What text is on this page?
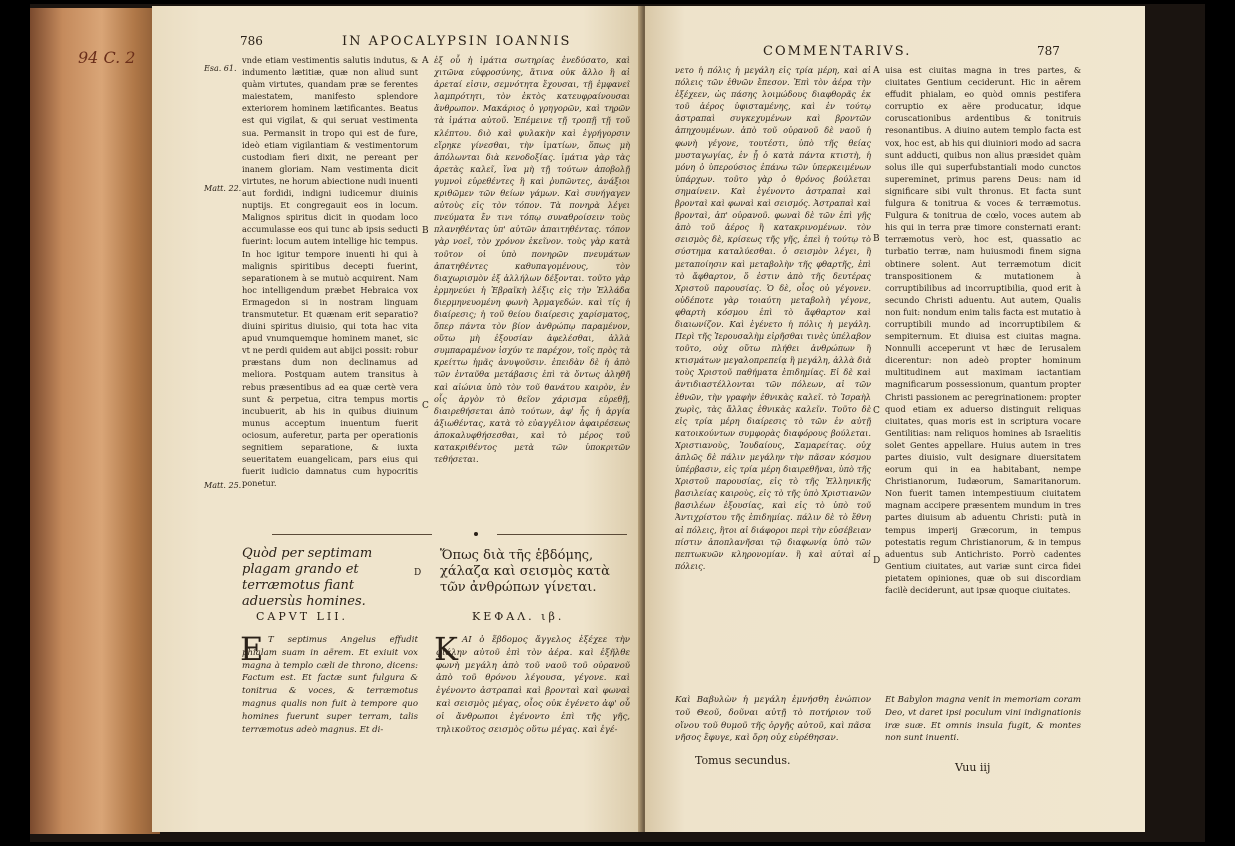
94 C. 2
786	IN APOCALYPSIN IOANNIS
Esa. 61.
Matt. 22.
Matt. 25.
vnde etiam vestimentis salutis indutus, & indumento lætitiæ, quæ non aliud sunt quàm virtutes, quandam præ se ferentes maiestatem, manifesto splendore exteriorem hominem lætificantes. Beatus est qui vigilat, & qui seruat vestimenta sua. Permansit in tropo qui est de fure, ideò etiam vigilantiam & vestimentorum custodiam fieri dixit, ne pereant per inanem gloriam. Nam vestimenta dicit virtutes, ne horum abiectione nudi inuenti aut fordidi, indigni iudicemur diuinis nuptijs. Et congregauit eos in locum. Malignos spiritus dicit in quodam loco accumulasse eos qui tunc ab ipsis seducti fuerint: locum autem intellige hic tempus. In hoc igitur tempore inuenti hi qui à malignis spiritibus decepti fuerint, separationem à se mutuò acquirent. Nam hoc intelligendum præbet Hebraica vox Ermagedon si in nostram linguam transmutetur. Et quænam erit separatio? diuini spiritus diuisio, qui tota hac vita apud vnumquemque hominem manet, sic vt ne perdi quidem aut abijci possit: robur præstans dum non declinamus ad meliora. Postquam autem transitus à rebus præsentibus ad ea quæ certè vera sunt & perpetua, citra tempus mortis incubuerit, ab his in quibus diuinum munus acceptum inuentum fuerit ociosum, auferetur, parta per operationis segnitiem separatione, & iuxta seueritatem euangelicam, pars eius qui fuerit iudicio damnatus cum hypocritis ponetur.
ἐξ οὗ ἡ ἱμάτια σωτηρίας ἐνεδύσατο, καὶ χιτῶνα εὐφροσύνης, ἅτινα οὐκ ἄλλο ἢ αἱ ἀρεταί εἰσιν, σεμνότητα ἔχουσαι, τῇ ἐμφανεῖ λαμπρότητι, τὸν ἐκτὸς κατευφραίνουσαι ἄνθρωπον. Μακάριος ὁ γρηγορῶν, καὶ τηρῶν τὰ ἱμάτια αὐτοῦ. Ἐπέμεινε τῇ τροπῇ τῇ τοῦ κλέπτου. διὸ καὶ φυλακὴν καὶ ἐγρήγορσιν εἴρηκε γίνεσθαι, τὴν ἱματίων, ὅπως μὴ ἀπόλωνται διὰ κενοδοξίας. ἱμάτια γὰρ τὰς ἀρετὰς καλεῖ, ἵνα μὴ τῇ τούτων ἀποβολῇ γυμνοὶ εὑρεθέντες ἢ καὶ ῥυπῶντες, ἀνάξιοι κριθῶμεν τῶν θείων γάμων. Καὶ συνήγαγεν αὐτοὺς εἰς τὸν τόπον. Τὰ πονηρὰ λέγει πνεύματα ἔν τινι τόπῳ συναθροίσειν τοὺς πλανηθέντας ὑπ' αὐτῶν ἀπαιτηθέντας. τόπον γὰρ νοεῖ, τὸν χρόνον ἐκεῖνον. τοὺς γὰρ κατὰ τοῦτον οἱ ὑπὸ πονηρῶν πνευμάτων ἀπατηθέντες καθυπαγομένους, τὸν διαχωρισμὸν ἐξ ἀλλήλων δέξονται. τοῦτο γὰρ ἑρμηνεύει ἡ Ἑβραϊκὴ λέξις εἰς τὴν Ἑλλάδα διερμηνευομένη φωνὴ Ἀρμαγεδών. καὶ τίς ἡ διαίρεσις; ἡ τοῦ θείου διαίρεσις χαρίσματος, ὅπερ πάντα τὸν βίον ἀνθρώπῳ παραμένον, οὕτω μὴ ἐξουσίαν ἀφελέσθαι, ἀλλὰ συμπαραμένον ἰσχύν τε παρέχον, τοῖς πρὸς τὰ κρείττω ἡμᾶς ἀνυψοῦσιν. ἐπειδὰν δὲ ἡ ἀπὸ τῶν ἐνταῦθα μετάβασις ἐπὶ τὰ ὄντως ἀληθῆ καὶ αἰώνια ὑπὸ τὸν τοῦ θανάτου καιρὸν, ἐν οἷς ἀργὸν τὸ θεῖον χάρισμα εὑρεθῇ, διαιρεθήσεται ἀπὸ τούτων, ἀφ' ἧς ἡ ἀργία ἀξιωθέντας, κατὰ τὸ εὐαγγέλιον ἀφαιρέσεως ἀποκαλυφθήσεσθαι, καὶ τὸ μέρος τοῦ κατακριθέντος μετὰ τῶν ὑποκριτῶν τεθήσεται.
A
B
C
D
Quòd per septimam plagam grando et terræmotus fiant aduersùs homines.
Ὅπως διὰ τῆς ἑβδόμης, χάλαζα καὶ σεισμὸς κατὰ τῶν ἀνθρώπων γίνεται.
CAPVT LII.	ΚΕΦΑΛ. ιβ.
E T septimus Angelus effudit phialam suam in aërem. Et exiuit vox magna à templo cæli de throno, dicens: Factum est. Et factæ sunt fulgura & tonitrua & voces, & terræmotus magnus qualis non fuit à tempore quo homines fuerunt super terram, talis terræmotus adeò magnus. Et di-
K ΑΙ ὁ ἕβδομος ἄγγελος ἐξέχεε τὴν φιάλην αὐτοῦ ἐπὶ τὸν ἀέρα. καὶ ἐξῆλθε φωνὴ μεγάλη ἀπὸ τοῦ ναοῦ τοῦ οὐρανοῦ ἀπὸ τοῦ θρόνου λέγουσα, γέγονε. καὶ ἐγένοντο ἀστραπαὶ καὶ βρονταὶ καὶ φωναὶ καὶ σεισμὸς μέγας, οἷος οὐκ ἐγένετο ἀφ' οὗ οἱ ἄνθρωποι ἐγένοντο ἐπὶ τῆς γῆς, τηλικοῦτος σεισμὸς οὕτω μέγας. καὶ ἐγέ-
COMMENTARIVS.	787
νετο ἡ πόλις ἡ μεγάλη εἰς τρία μέρη, καὶ αἱ πόλεις τῶν ἐθνῶν ἔπεσον. Ἐπὶ τὸν ἀέρα τὴν ἐξέχεεν, ὡς πάσης λοιμώδους διαφθορᾶς ἐκ τοῦ ἀέρος ὑφισταμένης, καὶ ἐν τούτῳ ἀστραπαὶ συγκεχυμένων καὶ βροντῶν ἀπηχουμένων. ἀπὸ τοῦ οὐρανοῦ δὲ ναοῦ ἡ φωνὴ γέγονε, τουτέστι, ὑπὸ τῆς θείας μυσταγωγίας, ἐν ᾗ ὁ κατὰ πάντα κτιστὴ, ἡ μόνη ὁ ὑπερούσιος ἐπάνω τῶν ὑπερκειμένων ὑπάρχων. τοῦτο γὰρ ὁ θρόνος βούλεται σημαίνειν. Καὶ ἐγένοντο ἀστραπαὶ καὶ βρονταὶ καὶ φωναὶ καὶ σεισμός. Ἀστραπαὶ καὶ βρονταὶ, ἀπ' οὐρανοῦ. φωναὶ δὲ τῶν ἐπὶ γῆς ἀπὸ τοῦ ἀέρος ἢ κατακρινομένων. τὸν σεισμὸς δὲ, κρίσεως τῆς γῆς, ἐπεὶ ἡ τούτῳ τὸ σύστημα καταλύεσθαι. ὁ σεισμὸν λέγει, ἢ μεταποίησιν καὶ μεταβολὴν τῆς φθαρτῆς, ἐπὶ τὸ ἄφθαρτον, ὅ ἐστιν ἀπὸ τῆς δευτέρας Χριστοῦ παρουσίας. Ὁ δὲ, οἷος οὐ γέγονεν. οὐδέποτε γὰρ τοιαύτη μεταβολὴ γέγονε, φθαρτὴ κόσμου ἐπὶ τὸ ἄφθαρτον καὶ διαιωνίζον. Καὶ ἐγένετο ἡ πόλις ἡ μεγάλη. Περὶ τῆς Ἱερουσαλὴμ εἰρῆσθαι τινὲς ὑπέλαβον τοῦτο, οὐχ οὕτω πλήθει ἀνθρώπων ἢ κτισμάτων μεγαλοπρεπείᾳ ἢ μεγάλη, ἀλλὰ διὰ τοὺς Χριστοῦ παθήματα ἐπιδημίας. Εἰ δὲ καὶ ἀντιδιαστέλλονται τῶν πόλεων, αἱ τῶν ἐθνῶν, τὴν γραφὴν ἐθνικὰς καλεῖ. τὸ Ἰσραὴλ χωρὶς, τὰς ἄλλας ἐθνικὰς καλεῖν. Τοῦτο δὲ εἰς τρία μέρη διαίρεσις τὸ τῶν ἐν αὐτῇ κατοικούντων συμφορὰς διαφόρους βούλεται. Χριστιανοὺς, Ἰουδαίους, Σαμαρείτας. οὐχ ἀπλῶς δὲ πάλιν μεγάλην τὴν πᾶσαν κόσμου ὑπέρβασιν, εἰς τρία μέρη διαιρεθῆναι, ὑπὸ τῆς Χριστοῦ παρουσίας, εἰς τὸ τῆς Ἑλληνικῆς βασιλείας καιροὺς, εἰς τὸ τῆς ὑπὸ Χριστιανῶν βασιλέων ἐξουσίας, καὶ εἰς τὸ ὑπὸ τοῦ Ἀντιχρίστου τῆς ἐπιδημίας. πάλιν δὲ τὸ ἔθνη αἱ πόλεις, ἢτοι αἱ διάφοροι περὶ τὴν εὐσέβειαν πίστιν ἀποπλανῆσαι τῷ διαφωνίᾳ ὑπὸ τῶν πεπτωκυῶν κληρονομίαν. ἢ καὶ αὐταὶ αἱ πόλεις.
Καὶ Βαβυλὼν ἡ μεγάλη ἐμνήσθη ἐνώπιον τοῦ Θεοῦ, δοῦναι αὐτῇ τὸ ποτήριον τοῦ οἴνου τοῦ θυμοῦ τῆς ὀργῆς αὐτοῦ, καὶ πᾶσα νῆσος ἔφυγε, καὶ ὄρη οὐχ εὑρέθησαν.
A
B
C
D
uisa est ciuitas magna in tres partes, & ciuitates Gentium ceciderunt. Hic in aërem effudit phialam, eo quòd omnis pestifera corruptio ex aëre producatur, idque coruscationibus ardentibus & tonitruis resonantibus. A diuino autem templo facta est vox, hoc est, ab his qui diuiniori modo ad sacra sunt adducti, quibus non alius præsidet quàm solus ille qui superfubstantiali modo cunctos supereminet, primus parens Deus: nam id significare sibi vult thronus. Et facta sunt fulgura & tonitrua & voces & terræmotus. Fulgura & tonitrua de cœlo, voces autem ab his qui in terra præ timore consternati erant: terræmotus verò, hoc est, quassatio ac turbatio terræ, nam huiusmodi finem signa obtinere solent. Aut terræmotum dicit transpositionem & mutationem à corruptibilibus ad incorruptibilia, quod erit à secundo Christi aduentu. Aut autem, Qualis non fuit: nondum enim talis facta est mutatio à corruptibili mundo ad incorruptibilem & sempiternum. Et diuisa est ciuitas magna. Nonnulli acceperunt vt hæc de Ierusalem dicerentur: non adeò propter hominum multitudinem aut maximam iactantiam magnificarum possessionum, quantum propter Christi passionem ac peregrinationem: propter quod etiam ex aduerso distinguit reliquas ciuitates, quas moris est in scriptura vocare Gentilitias: nam reliquos homines ab Israelitis solet Gentes appellare. Huius autem in tres partes diuisio, vult designare diuersitatem eorum qui in ea habitabant, nempe Christianorum, Iudæorum, Samaritanorum. Non fuerit tamen intempestiuum ciuitatem magnam accipere præsentem mundum in tres partes diuisum ab aduentu Christi: putà in tempus imperij Græcorum, in tempus potestatis regum Christianorum, & in tempus aduentus sub Antichristo. Porrò cadentes Gentium ciuitates, aut variæ sunt circa fidei pietatem opiniones, quæ ob sui discordiam facilè deciderunt, aut ipsæ quoque ciuitates.
Et Babylon magna venit in memoriam coram Deo, vt daret ipsi poculum vini indignationis iræ suæ. Et omnis insula fugit, & montes non sunt inuenti.
Tomus secundus.
Vuu iij
